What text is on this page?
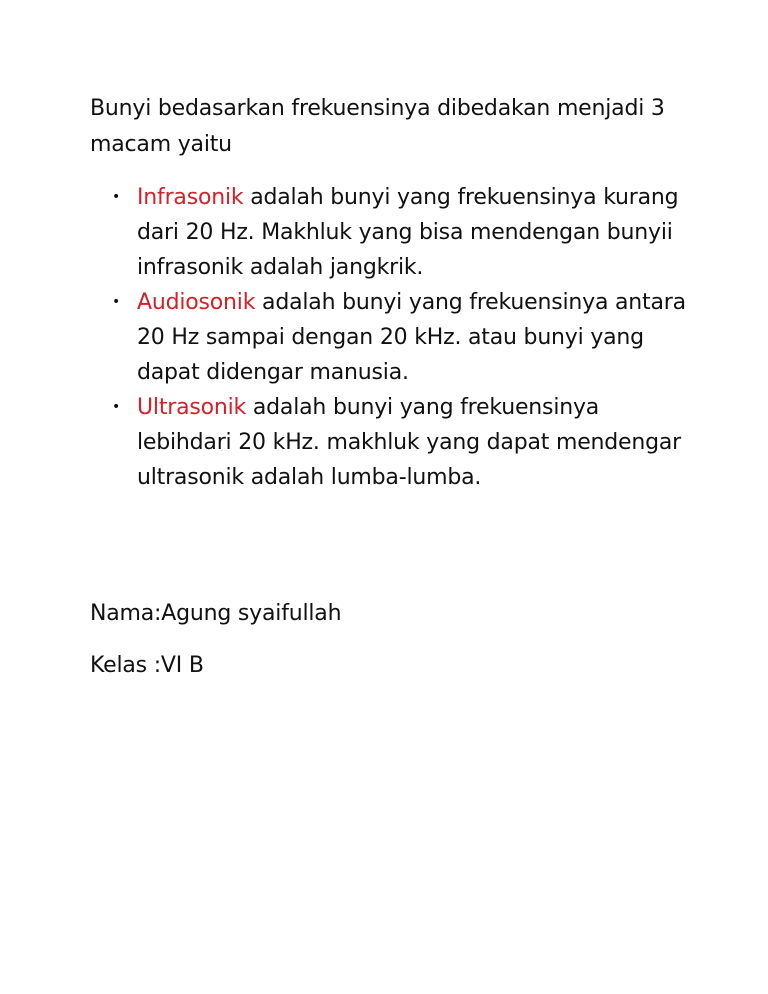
Bunyi bedasarkan frekuensinya dibedakan menjadi 3 macam yaitu

• Infrasonik adalah bunyi yang frekuensinya kurang dari 20 Hz. Makhluk yang bisa mendengan bunyii infrasonik adalah jangkrik.
• Audiosonik adalah bunyi yang frekuensinya antara 20 Hz sampai dengan 20 kHz. atau bunyi yang dapat didengar manusia.
• Ultrasonik adalah bunyi yang frekuensinya lebihdari 20 kHz. makhluk yang dapat mendengar ultrasonik adalah lumba-lumba.

Nama:Agung syaifullah

Kelas :VI B
